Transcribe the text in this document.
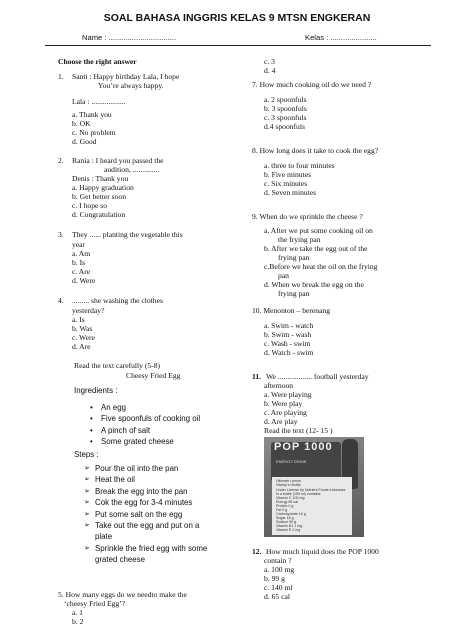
SOAL BAHASA INGGRIS KELAS 9 MTSN ENGKERAN
Name : ................................	Kelas : ......................
Choose the right answer
1. Santi : Happy birthday Lala, I hope
You’re always happy.
Lala : ..................
a. Thank you
b. OK
c. No problem
d. Good
2. Rania : I heard you passed the
audition, ..............
Denis : Thank you
a. Happy graduation
b. Get better soon
c. I hope so
d. Congratulation
3. They ...... planting the vegetable this
year
a. Am
b. Is
c. Are
d. Were
4. ......... she washing the clothes
yesterday?
a. Is
b. Was
c. Were
d. Are
Read the text carefully (5-8)
Cheesy Fried Egg
Ingredients :
• An egg
• Five spoonfuls of cooking oil
• A pinch of salt
• Some grated cheese
Steps :
➢ Pour the oil into the pan
➢ Heat the oil
➢ Break the egg into the pan
➢ Cok the egg for 3-4 minutes
➢ Put some salt on the egg
➢ Take out the egg and put on a
plate
➢ Sprinkle the fried egg with some
grated cheese
5. How many eggs do we needto make the
‘cheesy Fried Egg’?
a. 1
b. 2
c. 3
d. 4
7. How much cooking oil do we need ?
a. 2 spoonfuls
b. 3 spoonfuls
c. 3 spoonfuls
d.4 spoonfuls
8. How long does it take to cook the egg?
a. three to four minutes
b. Five minutes
c. Six minutes
d. Seven minutes
9. When do we sprinkle the cheese ?
a. After we put some cooking oil on
the frying pan
b. After we take the egg out of the
frying pan
c.Before we heat the oil on the frying
pan
d. When we break the egg on the
frying pan
10. Menonton – berenang
a. Swim - watch
b. Swim - wash
c. Wash - swim
d. Watch - swim
11. We .................. football yesterday
afternoon
a. Were playing
b. Were play
c. Are playing
d. Are play
Read the text (12- 15 )
POP 1000
ENERGY DRINK
Ultimate Lemon
Vitality In Bottle
Under License by Nutrient Foods Indonesia
In a bottle (150 ml) contains:
Vitamin C 100 mg
Energy 65 cal
Protein 0 g
Fat 0 g
Carbohydrate 16 g
Sugar 16 g
Sodium 99 g
Vitamin B1 1 mg
Vitamin E 2 mg
12. How much liquid does the POP 1000
contain ?
a. 100 mg
b. 99 g
c. 140 ml
d. 65 cal
